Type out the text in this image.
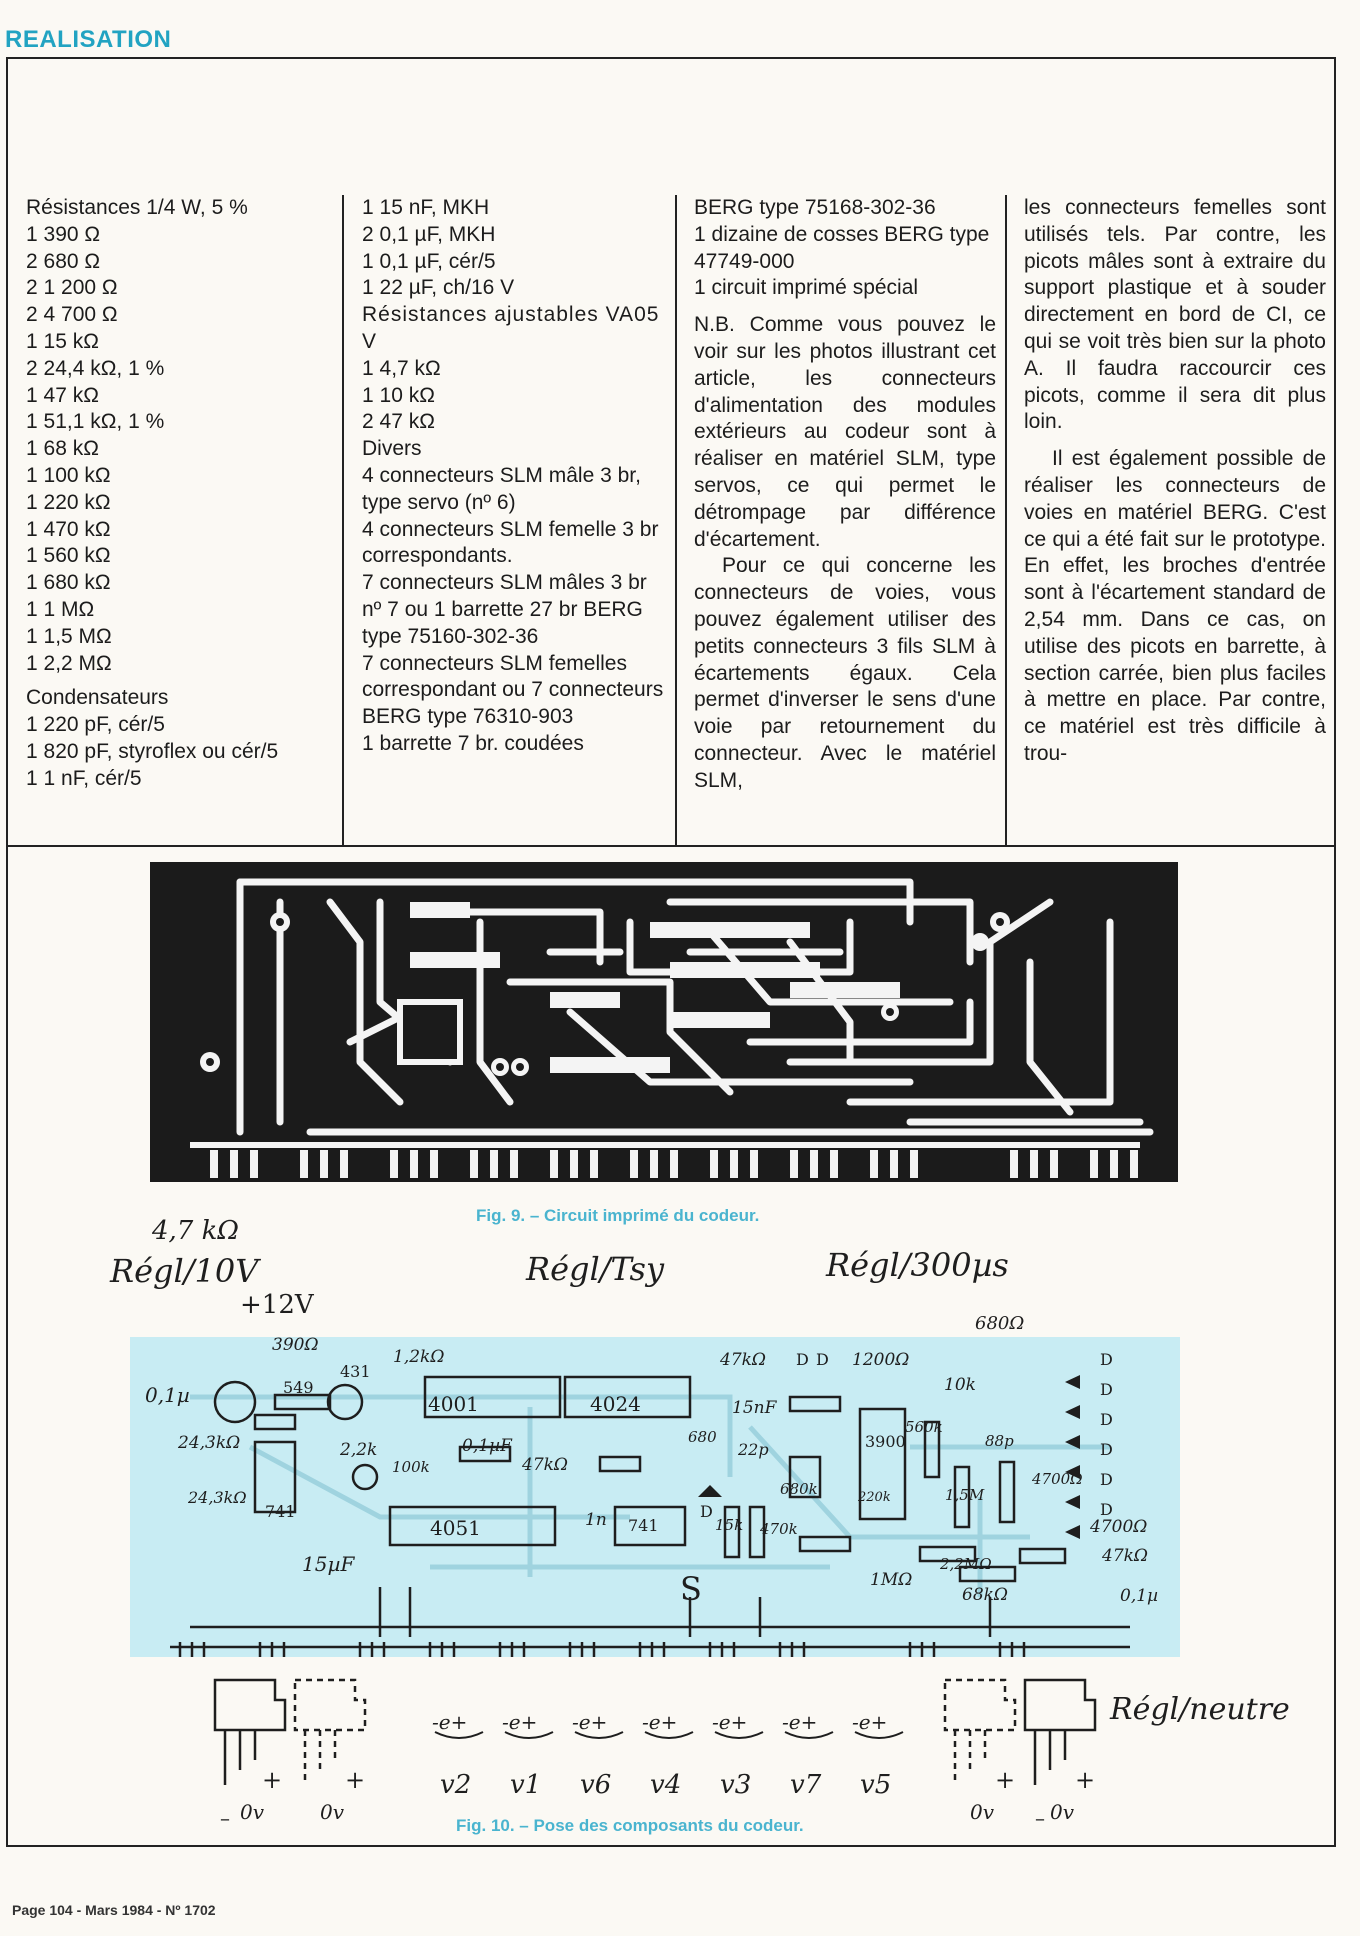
REALISATION

Résistances 1/4 W, 5 %

1 390 Ω

2 680 Ω

2 1 200 Ω

2 4 700 Ω

1 15 kΩ

2 24,4 kΩ, 1 %

1 47 kΩ

1 51,1 kΩ, 1 %

1 68 kΩ

1 100 kΩ

1 220 kΩ

1 470 kΩ

1 560 kΩ

1 680 kΩ

1 1 MΩ

1 1,5 MΩ

1 2,2 MΩ

Condensateurs

1 220 pF, cér/5

1 820 pF, styroflex ou cér/5

1 1 nF, cér/5

1 15 nF, MKH

2 0,1 µF, MKH

1 0,1 µF, cér/5

1 22 µF, ch/16 V

Résistances ajustables VA05 V

1 4,7 kΩ

1 10 kΩ

2 47 kΩ

Divers

4 connecteurs SLM mâle 3 br, type servo (nº 6)

4 connecteurs SLM femelle 3 br correspondants.

7 connecteurs SLM mâles 3 br nº 7 ou 1 barrette 27 br BERG type 75160-302-36

7 connecteurs SLM femelles correspondant ou 7 connecteurs BERG type 76310-903

1 barrette 7 br. coudées

BERG type 75168-302-36

1 dizaine de cosses BERG type 47749-000

1 circuit imprimé spécial

N.B. Comme vous pouvez le voir sur les photos illustrant cet article, les connecteurs d'alimentation des modules extérieurs au codeur sont à réaliser en matériel SLM, type servos, ce qui permet le détrompage par différence d'écartement.

Pour ce qui concerne les connecteurs de voies, vous pouvez également utiliser des petits connecteurs 3 fils SLM à écartements égaux. Cela permet d'inverser le sens d'une voie par retournement du connecteur. Avec le matériel SLM,

les connecteurs femelles sont utilisés tels. Par contre, les picots mâles sont à extraire du support plastique et à souder directement en bord de CI, ce qui se voit très bien sur la photo A. Il faudra raccourcir ces picots, comme il sera dit plus loin.

Il est également possible de réaliser les connecteurs de voies en matériel BERG. C'est ce qui a été fait sur le prototype. En effet, les broches d'entrée sont à l'écartement standard de 2,54 mm. Dans ce cas, on utilise des picots en barrette, à section carrée, bien plus faciles à mettre en place. Par contre, ce matériel est très difficile à trou-

Fig. 9. – Circuit imprimé du codeur.
4,7 kΩ
Régl/10V
+12V
Régl/Tsy	Régl/300µs
Régl/neutre
680Ω
390Ω
0,1µ
1,2kΩ
549
431
4001	4024
4051
741
741
3900
24,3kΩ
24,3kΩ
2,2k
100k
0,1µF
47kΩ
47kΩ	1200Ω
15nF
22p
680
10k
560k
88p
1,5M
4700Ω
4700Ω
47kΩ
0,1µ
2,2MΩ
68kΩ
1MΩ
680k
470k
15k
220k
1n
15µF
S
D D	D
D
D
D
D
D
D
-e+ -e+ -e+ -e+ -e+ -e+ -e+
v2 v1 v6 v4 v3 v7 v5
+
0v
–
+
0v
+
0v
+
0v
–
Fig. 10. – Pose des composants du codeur.
Page 104 - Mars 1984 - Nº 1702
